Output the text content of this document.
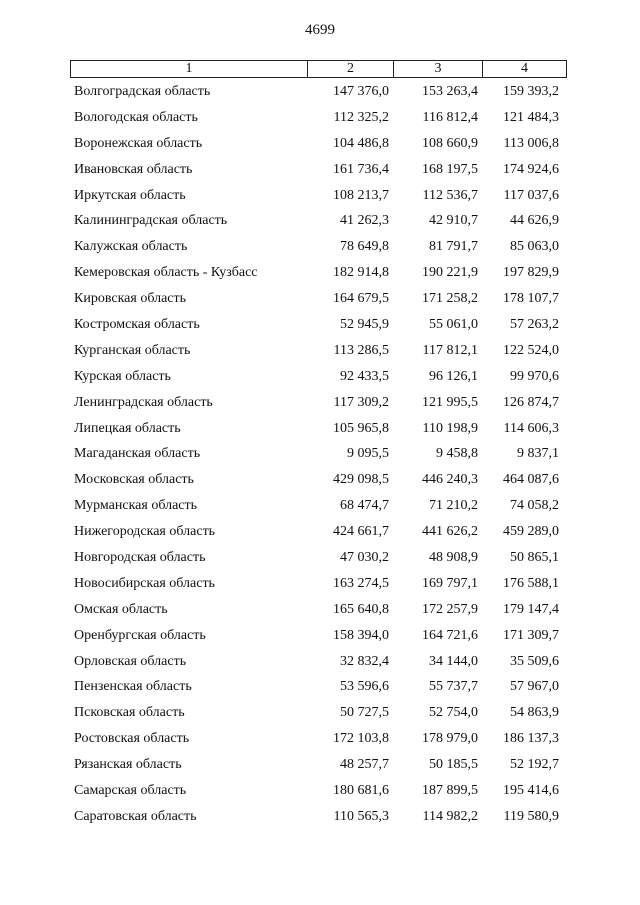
4699
1	2	3	4
Волгоградская область	147 376,0	153 263,4	159 393,2
Вологодская область	112 325,2	116 812,4	121 484,3
Воронежская область	104 486,8	108 660,9	113 006,8
Ивановская область	161 736,4	168 197,5	174 924,6
Иркутская область	108 213,7	112 536,7	117 037,6
Калининградская область	41 262,3	42 910,7	44 626,9
Калужская область	78 649,8	81 791,7	85 063,0
Кемеровская область - Кузбасс	182 914,8	190 221,9	197 829,9
Кировская область	164 679,5	171 258,2	178 107,7
Костромская область	52 945,9	55 061,0	57 263,2
Курганская область	113 286,5	117 812,1	122 524,0
Курская область	92 433,5	96 126,1	99 970,6
Ленинградская область	117 309,2	121 995,5	126 874,7
Липецкая область	105 965,8	110 198,9	114 606,3
Магаданская область	9 095,5	9 458,8	9 837,1
Московская область	429 098,5	446 240,3	464 087,6
Мурманская область	68 474,7	71 210,2	74 058,2
Нижегородская область	424 661,7	441 626,2	459 289,0
Новгородская область	47 030,2	48 908,9	50 865,1
Новосибирская область	163 274,5	169 797,1	176 588,1
Омская область	165 640,8	172 257,9	179 147,4
Оренбургская область	158 394,0	164 721,6	171 309,7
Орловская область	32 832,4	34 144,0	35 509,6
Пензенская область	53 596,6	55 737,7	57 967,0
Псковская область	50 727,5	52 754,0	54 863,9
Ростовская область	172 103,8	178 979,0	186 137,3
Рязанская область	48 257,7	50 185,5	52 192,7
Самарская область	180 681,6	187 899,5	195 414,6
Саратовская область	110 565,3	114 982,2	119 580,9
